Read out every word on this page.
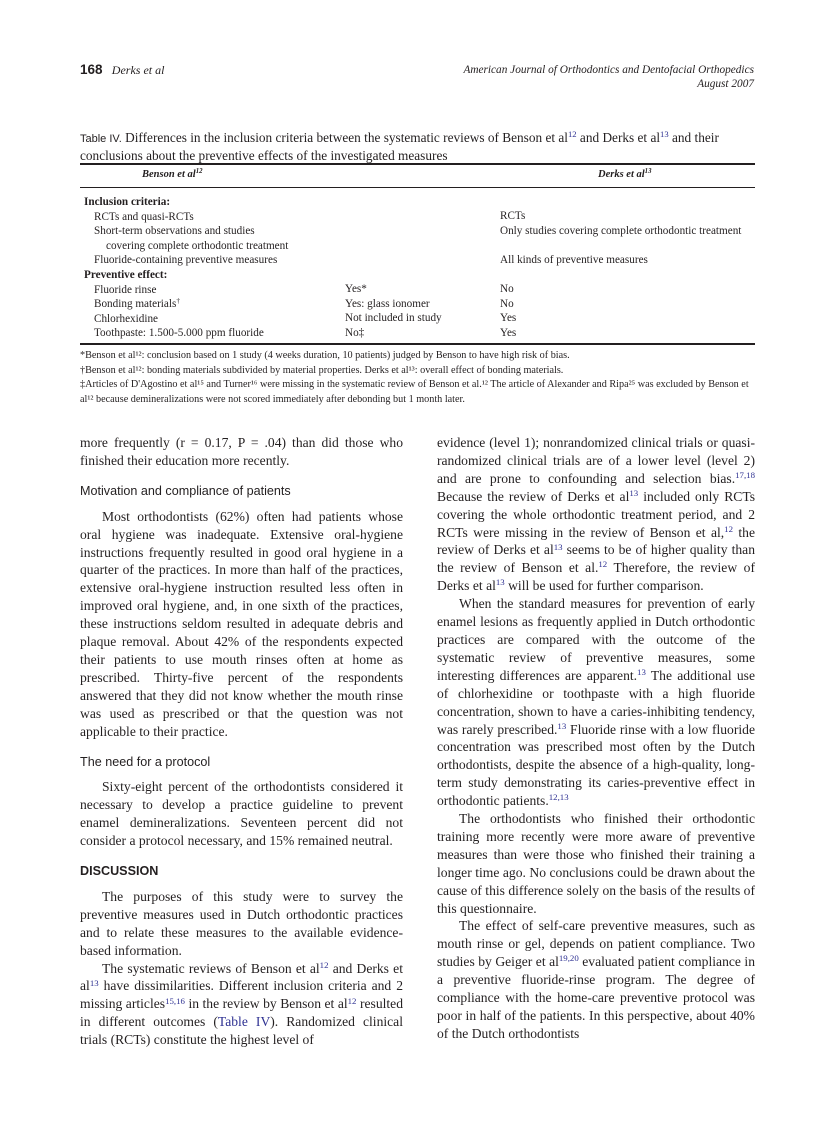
168 Derks et al	American Journal of Orthodontics and Dentofacial Orthopedics
August 2007
Table IV. Differences in the inclusion criteria between the systematic reviews of Benson et $al^{12}$ and Derks et $al^{13}$ and their conclusions about the preventive effects of the investigated measures
Benson et $al^{12}$	Derks et $al^{13}$
Inclusion criteria:
RCTs and quasi-RCTs
Short-term observations and studies
covering complete orthodontic treatment
Fluoride-containing preventive measures
Preventive effect:
Fluoride rinse
Bonding materials†
Chlorhexidine
Toothpaste: 1.500-5.000 ppm fluoride
Yes*
Yes: glass ionomer
Not included in study
No‡
RCTs
Only studies covering complete orthodontic treatment

All kinds of preventive measures

No
No
Yes
Yes
*Benson et al¹²: conclusion based on 1 study (4 weeks duration, 10 patients) judged by Benson to have high risk of bias.
†Benson et al¹²: bonding materials subdivided by material properties. Derks et al¹³: overall effect of bonding materials.
‡Articles of D'Agostino et al¹⁵ and Turner¹⁶ were missing in the systematic review of Benson et al.¹² The article of Alexander and Ripa²⁵ was excluded by Benson et al¹² because demineralizations were not scored immediately after debonding but 1 month later.

more frequently (r = 0.17, P = .04) than did those who finished their education more recently.

Motivation and compliance of patients

Most orthodontists (62%) often had patients whose oral hygiene was inadequate. Extensive oral-hygiene instructions frequently resulted in good oral hygiene in a quarter of the practices. In more than half of the practices, extensive oral-hygiene instruction resulted less often in improved oral hygiene, and, in one sixth of the practices, these instructions seldom resulted in adequate debris and plaque removal. About 42% of the respondents expected their patients to use mouth rinses often at home as prescribed. Thirty-five percent of the respondents answered that they did not know whether the mouth rinse was used as prescribed or that the question was not applicable to their practice.

The need for a protocol

Sixty-eight percent of the orthodontists considered it necessary to develop a practice guideline to prevent enamel demineralizations. Seventeen percent did not consider a protocol necessary, and 15% remained neutral.

DISCUSSION

The purposes of this study were to survey the preventive measures used in Dutch orthodontic practices and to relate these measures to the available evidence-based information.

The systematic reviews of Benson et $al^{12}$ and Derks et $al^{13}$ have dissimilarities. Different inclusion criteria and 2 missing articles$^{15,16}$ in the review by Benson et $al^{12}$ resulted in different outcomes (Table IV). Randomized clinical trials (RCTs) constitute the highest level of

evidence (level 1); nonrandomized clinical trials or quasi-randomized clinical trials are of a lower level (level 2) and are prone to confounding and selection bias.$^{17,18}$ Because the review of Derks et $al^{13}$ included only RCTs covering the whole orthodontic treatment period, and 2 RCTs were missing in the review of Benson et al,$^{12}$ the review of Derks et $al^{13}$ seems to be of higher quality than the review of Benson et al.$^{12}$ Therefore, the review of Derks et $al^{13}$ will be used for further comparison.

When the standard measures for prevention of early enamel lesions as frequently applied in Dutch orthodontic practices are compared with the outcome of the systematic review of preventive measures, some interesting differences are apparent.$^{13}$ The additional use of chlorhexidine or toothpaste with a high fluoride concentration, shown to have a caries-inhibiting tendency, was rarely prescribed.$^{13}$ Fluoride rinse with a low fluoride concentration was prescribed most often by the Dutch orthodontists, despite the absence of a high-quality, long-term study demonstrating its caries-preventive effect in orthodontic patients.$^{12,13}$

The orthodontists who finished their orthodontic training more recently were more aware of preventive measures than were those who finished their training a longer time ago. No conclusions could be drawn about the cause of this difference solely on the basis of the results of this questionnaire.

The effect of self-care preventive measures, such as mouth rinse or gel, depends on patient compliance. Two studies by Geiger et al$^{19,20}$ evaluated patient compliance in a preventive fluoride-rinse program. The degree of compliance with the home-care preventive protocol was poor in half of the patients. In this perspective, about 40% of the Dutch orthodontists
